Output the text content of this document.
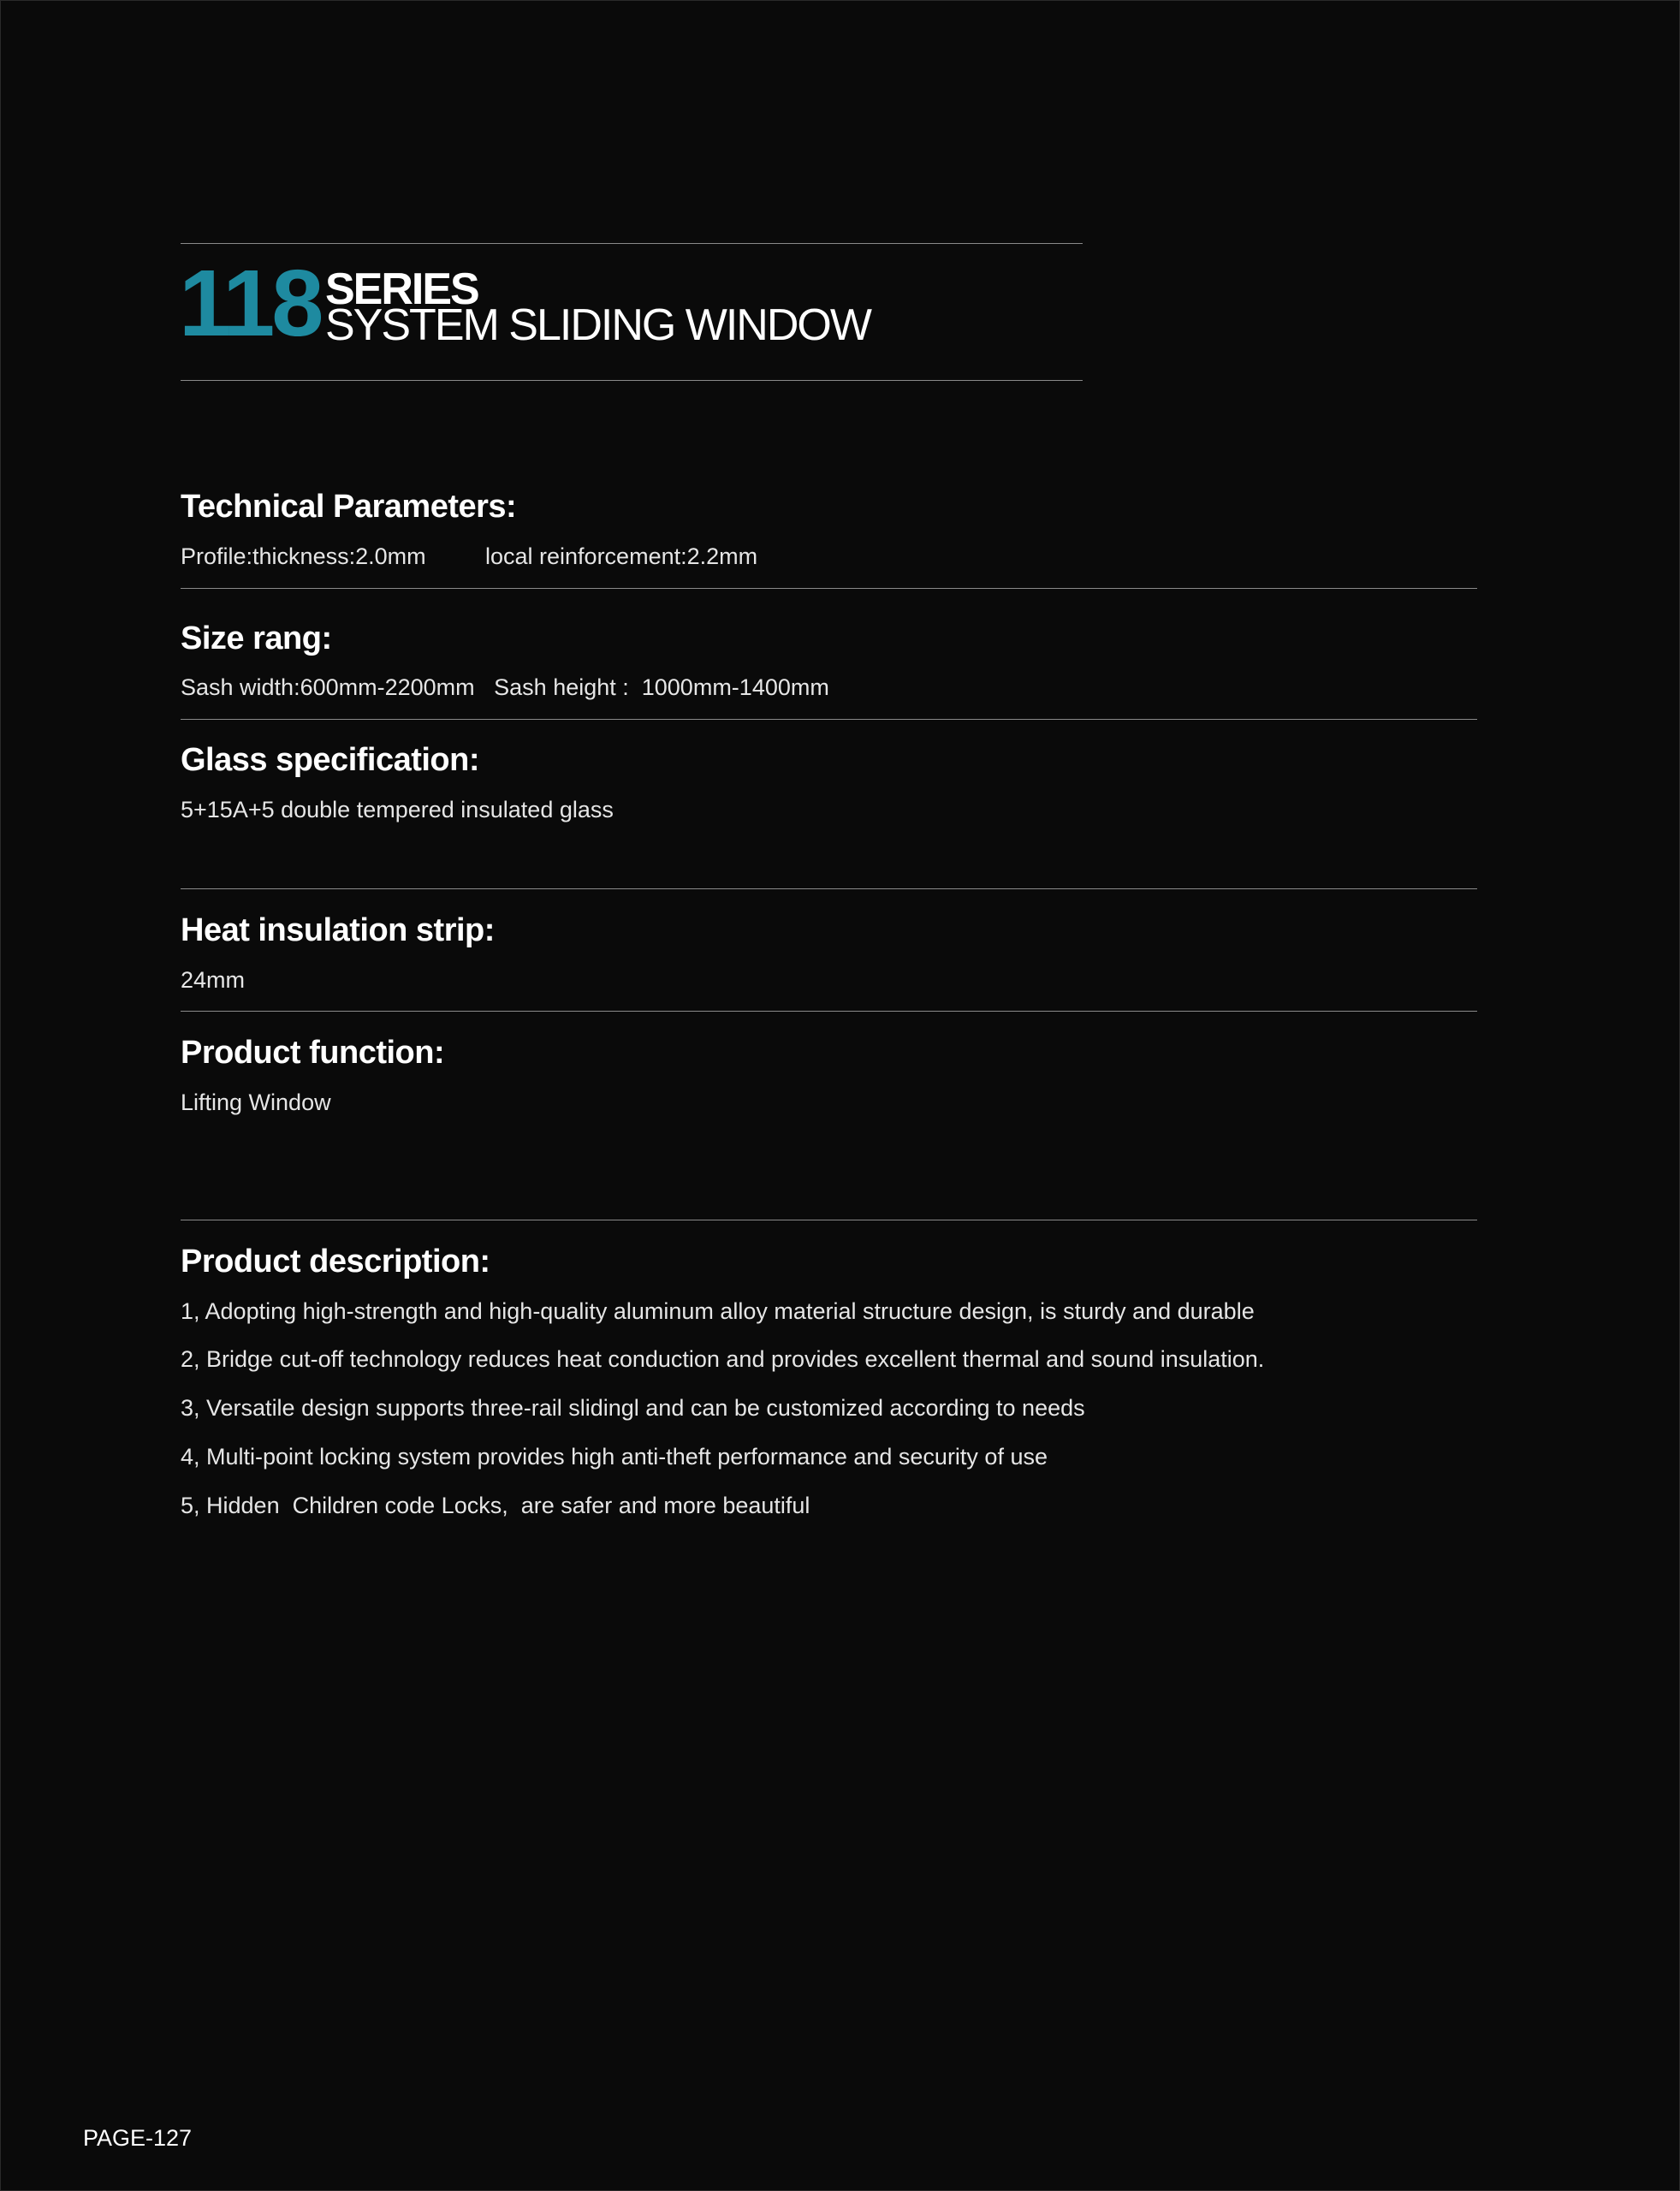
118 SERIES
SYSTEM SLIDING WINDOW
Technical Parameters:
Profile:thickness:2.0mm	local reinforcement:2.2mm
Size rang:
Sash width:600mm-2200mm   Sash height :  1000mm-1400mm
Glass specification:
5+15A+5 double tempered insulated glass
Heat insulation strip:
24mm
Product function:
Lifting Window
Product description:
1, Adopting high-strength and high-quality aluminum alloy material structure design, is sturdy and durable
2, Bridge cut-off technology reduces heat conduction and provides excellent thermal and sound insulation.
3, Versatile design supports three-rail slidingl and can be customized according to needs
4, Multi-point locking system provides high anti-theft performance and security of use
5, Hidden  Children code Locks,  are safer and more beautiful
PAGE-127
